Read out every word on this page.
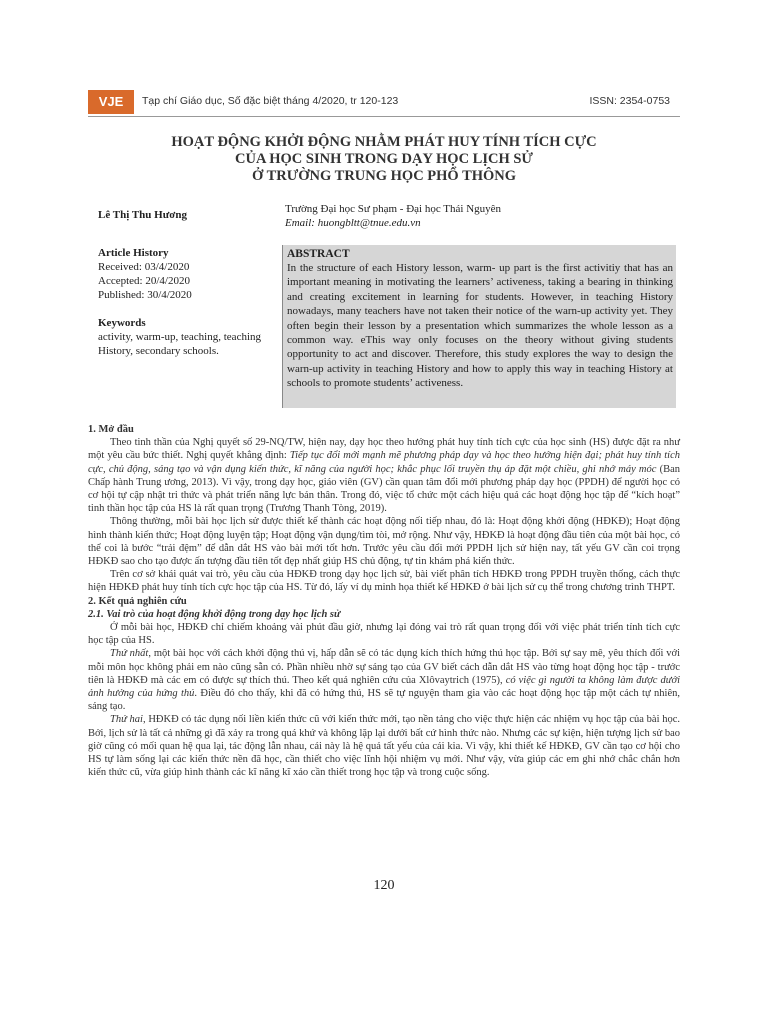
VJE	Tạp chí Giáo dục, Số đặc biệt tháng 4/2020, tr 120-123	ISSN: 2354-0753
HOẠT ĐỘNG KHỞI ĐỘNG NHẰM PHÁT HUY TÍNH TÍCH CỰC
CỦA HỌC SINH TRONG DẠY HỌC LỊCH SỬ
Ở TRƯỜNG TRUNG HỌC PHỔ THÔNG
Lê Thị Thu Hương	Trường Đại học Sư phạm - Đại học Thái Nguyên
Email: huongbltt@tnue.edu.vn
Article History
Received: 03/4/2020
Accepted: 20/4/2020
Published: 30/4/2020
Keywords
activity, warm-up, teaching, teaching History, secondary schools.
ABSTRACT

In the structure of each History lesson, warm- up part is the first activitiy that has an important meaning in motivating the learners’ activeness, taking a bearing in thinking and creating excitement in learning for students. However, in teaching History nowadays, many teachers have not taken their notice of the warn-up activity yet. They often begin their lesson by a presentation which summarizes the whole lesson as a common way. eThis way only focuses on the theory without giving students opportunity to act and discover. Therefore, this study explores the way to design the warn-up activity in teaching History and how to apply this way in teaching History at schools to promote students’ activeness.

1. Mở đầu

Theo tinh thần của Nghị quyết số 29-NQ/TW, hiện nay, dạy học theo hướng phát huy tính tích cực của học sinh (HS) được đặt ra như một yêu cầu bức thiết. Nghị quyết khẳng định: Tiếp tục đổi mới mạnh mẽ phương pháp dạy và học theo hướng hiện đại; phát huy tính tích cực, chủ động, sáng tạo và vận dụng kiến thức, kĩ năng của người học; khắc phục lối truyền thụ áp đặt một chiều, ghi nhớ máy móc (Ban Chấp hành Trung ương, 2013). Vì vậy, trong dạy học, giáo viên (GV) cần quan tâm đổi mới phương pháp dạy học (PPDH) để người học có cơ hội tự cập nhật tri thức và phát triển năng lực bản thân. Trong đó, việc tổ chức một cách hiệu quả các hoạt động học tập để “kích hoạt” tinh thần học tập của HS là rất quan trọng (Trương Thanh Tòng, 2019).

Thông thường, mỗi bài học lịch sử được thiết kế thành các hoạt động nối tiếp nhau, đó là: Hoạt động khởi động (HĐKĐ); Hoạt động hình thành kiến thức; Hoạt động luyện tập; Hoạt động vận dụng/tìm tòi, mở rộng. Như vậy, HĐKĐ là hoạt động đầu tiên của một bài học, có thể coi là bước “trải đệm” để dẫn dắt HS vào bài mới tốt hơn. Trước yêu cầu đổi mới PPDH lịch sử hiện nay, tất yếu GV cần coi trọng HĐKĐ sao cho tạo được ấn tượng đầu tiên tốt đẹp nhất giúp HS chủ động, tự tin khám phá kiến thức.

Trên cơ sở khái quát vai trò, yêu cầu của HĐKĐ trong dạy học lịch sử, bài viết phân tích HĐKĐ trong PPDH truyền thống, cách thực hiện HĐKĐ phát huy tính tích cực học tập của HS. Từ đó, lấy ví dụ minh họa thiết kế HĐKĐ ở bài lịch sử cụ thể trong chương trình THPT.

2. Kết quả nghiên cứu

2.1. Vai trò của hoạt động khởi động trong dạy học lịch sử

Ở mỗi bài học, HĐKĐ chỉ chiếm khoảng vài phút đầu giờ, nhưng lại đóng vai trò rất quan trọng đối với việc phát triển tính tích cực học tập của HS.

Thứ nhất, một bài học với cách khởi động thú vị, hấp dẫn sẽ có tác dụng kích thích hứng thú học tập. Bởi sự say mê, yêu thích đối với mỗi môn học không phải em nào cũng sẵn có. Phần nhiều nhờ sự sáng tạo của GV biết cách dẫn dắt HS vào từng hoạt động học tập - trước tiên là HĐKĐ mà các em có được sự thích thú. Theo kết quả nghiên cứu của Xlôvaytrich (1975), có việc gì người ta không làm được dưới ảnh hưởng của hứng thú. Điều đó cho thấy, khi đã có hứng thú, HS sẽ tự nguyện tham gia vào các hoạt động học tập một cách tự nhiên, sáng tạo.

Thứ hai, HĐKĐ có tác dụng nối liền kiến thức cũ với kiến thức mới, tạo nền tảng cho việc thực hiện các nhiệm vụ học tập của bài học. Bởi, lịch sử là tất cả những gì đã xảy ra trong quá khứ và không lặp lại dưới bất cứ hình thức nào. Nhưng các sự kiện, hiện tượng lịch sử bao giờ cũng có mối quan hệ qua lại, tác động lẫn nhau, cái này là hệ quả tất yếu của cái kia. Vì vậy, khi thiết kế HĐKĐ, GV cần tạo cơ hội cho HS tự làm sống lại các kiến thức nền đã học, cần thiết cho việc lĩnh hội nhiệm vụ mới. Như vậy, vừa giúp các em ghi nhớ chắc chắn hơn kiến thức cũ, vừa giúp hình thành các kĩ năng kĩ xảo cần thiết trong học tập và trong cuộc sống.

120
